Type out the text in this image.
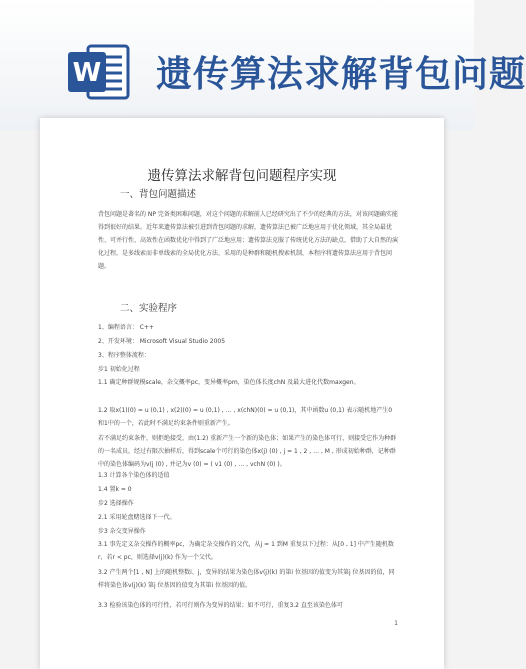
W 遗传算法求解背包问题
遗传算法求解背包问题程序实现
一、背包问题描述
背包问题是著名的 NP 完备类困难问题，对这个问题的求解前人已经研究出了不少的经典的方法，对该问题确实能得到很好的结果。近年来遗传算法被引进到背包问题的求解，遗传算法已被广泛地应用于优化领域，其全局最优性、可并行性、高效性在函数优化中得到了广泛地应用；遗传算法克服了传统优化方法的缺点，借助了大自然的演化过程，是多线索而非单线索的全局优化方法，采用的是种群和随机搜索机制，本程序将遗传算法应用于背包问题。
二、实验程序
1、编程语言： C++
2、开发环境： Microsoft Visual Studio 2005
3、程序整体流程：
步1 初始化过程
1.1 确定种群规模scale，杂交概率pc，变异概率pm，染色体长度chN 及最大进化代数maxgen。
1.2 取x(1)(0) = u (0,1) , x(2)(0) = u (0,1) , … , x(chN)(0) = u (0,1)，其中函数u (0,1) 表示随机地产生0和1中的一个，若此时不满足约束条件则重新产生。
若不满足约束条件，则拒绝接受，由(1.2) 重新产生一个新的染色体；如果产生的染色体可行，则接受它作为种群的一名成员，经过有限次抽样后，得到scale个可行的染色体x(j) (0) , j = 1 , 2 , … , M , 形成初始种群，记种群中的染色体编码为v(j (0) , 并记为v (0) = ( v1 (0) , … , vchN (0) )。
1.3 计算各个染色体的适值
1.4 置k = 0
步2 选择操作
2.1 采用轮盘赌选择下一代。
步3 杂交变异操作
3.1 事先定义杂交操作的概率pc，为确定杂交操作的父代，从j = 1 到M 重复以下过程：从[0 , 1] 中产生随机数r，若r < pc，则选择v(j)(k) 作为一个父代。
3.2 产生两个[1 , N] 上的随机整数i、j，变异的结果为染色体v(j)(k) 的第i 位基因的值变为其第j 位基因的值，同样将染色体v(j)(k) 第j 位基因的值变为其第i 位基因的值。
3.3 检验该染色体的可行性，若可行则作为变异的结果；如不可行，重复3.2 直至该染色体可
1
